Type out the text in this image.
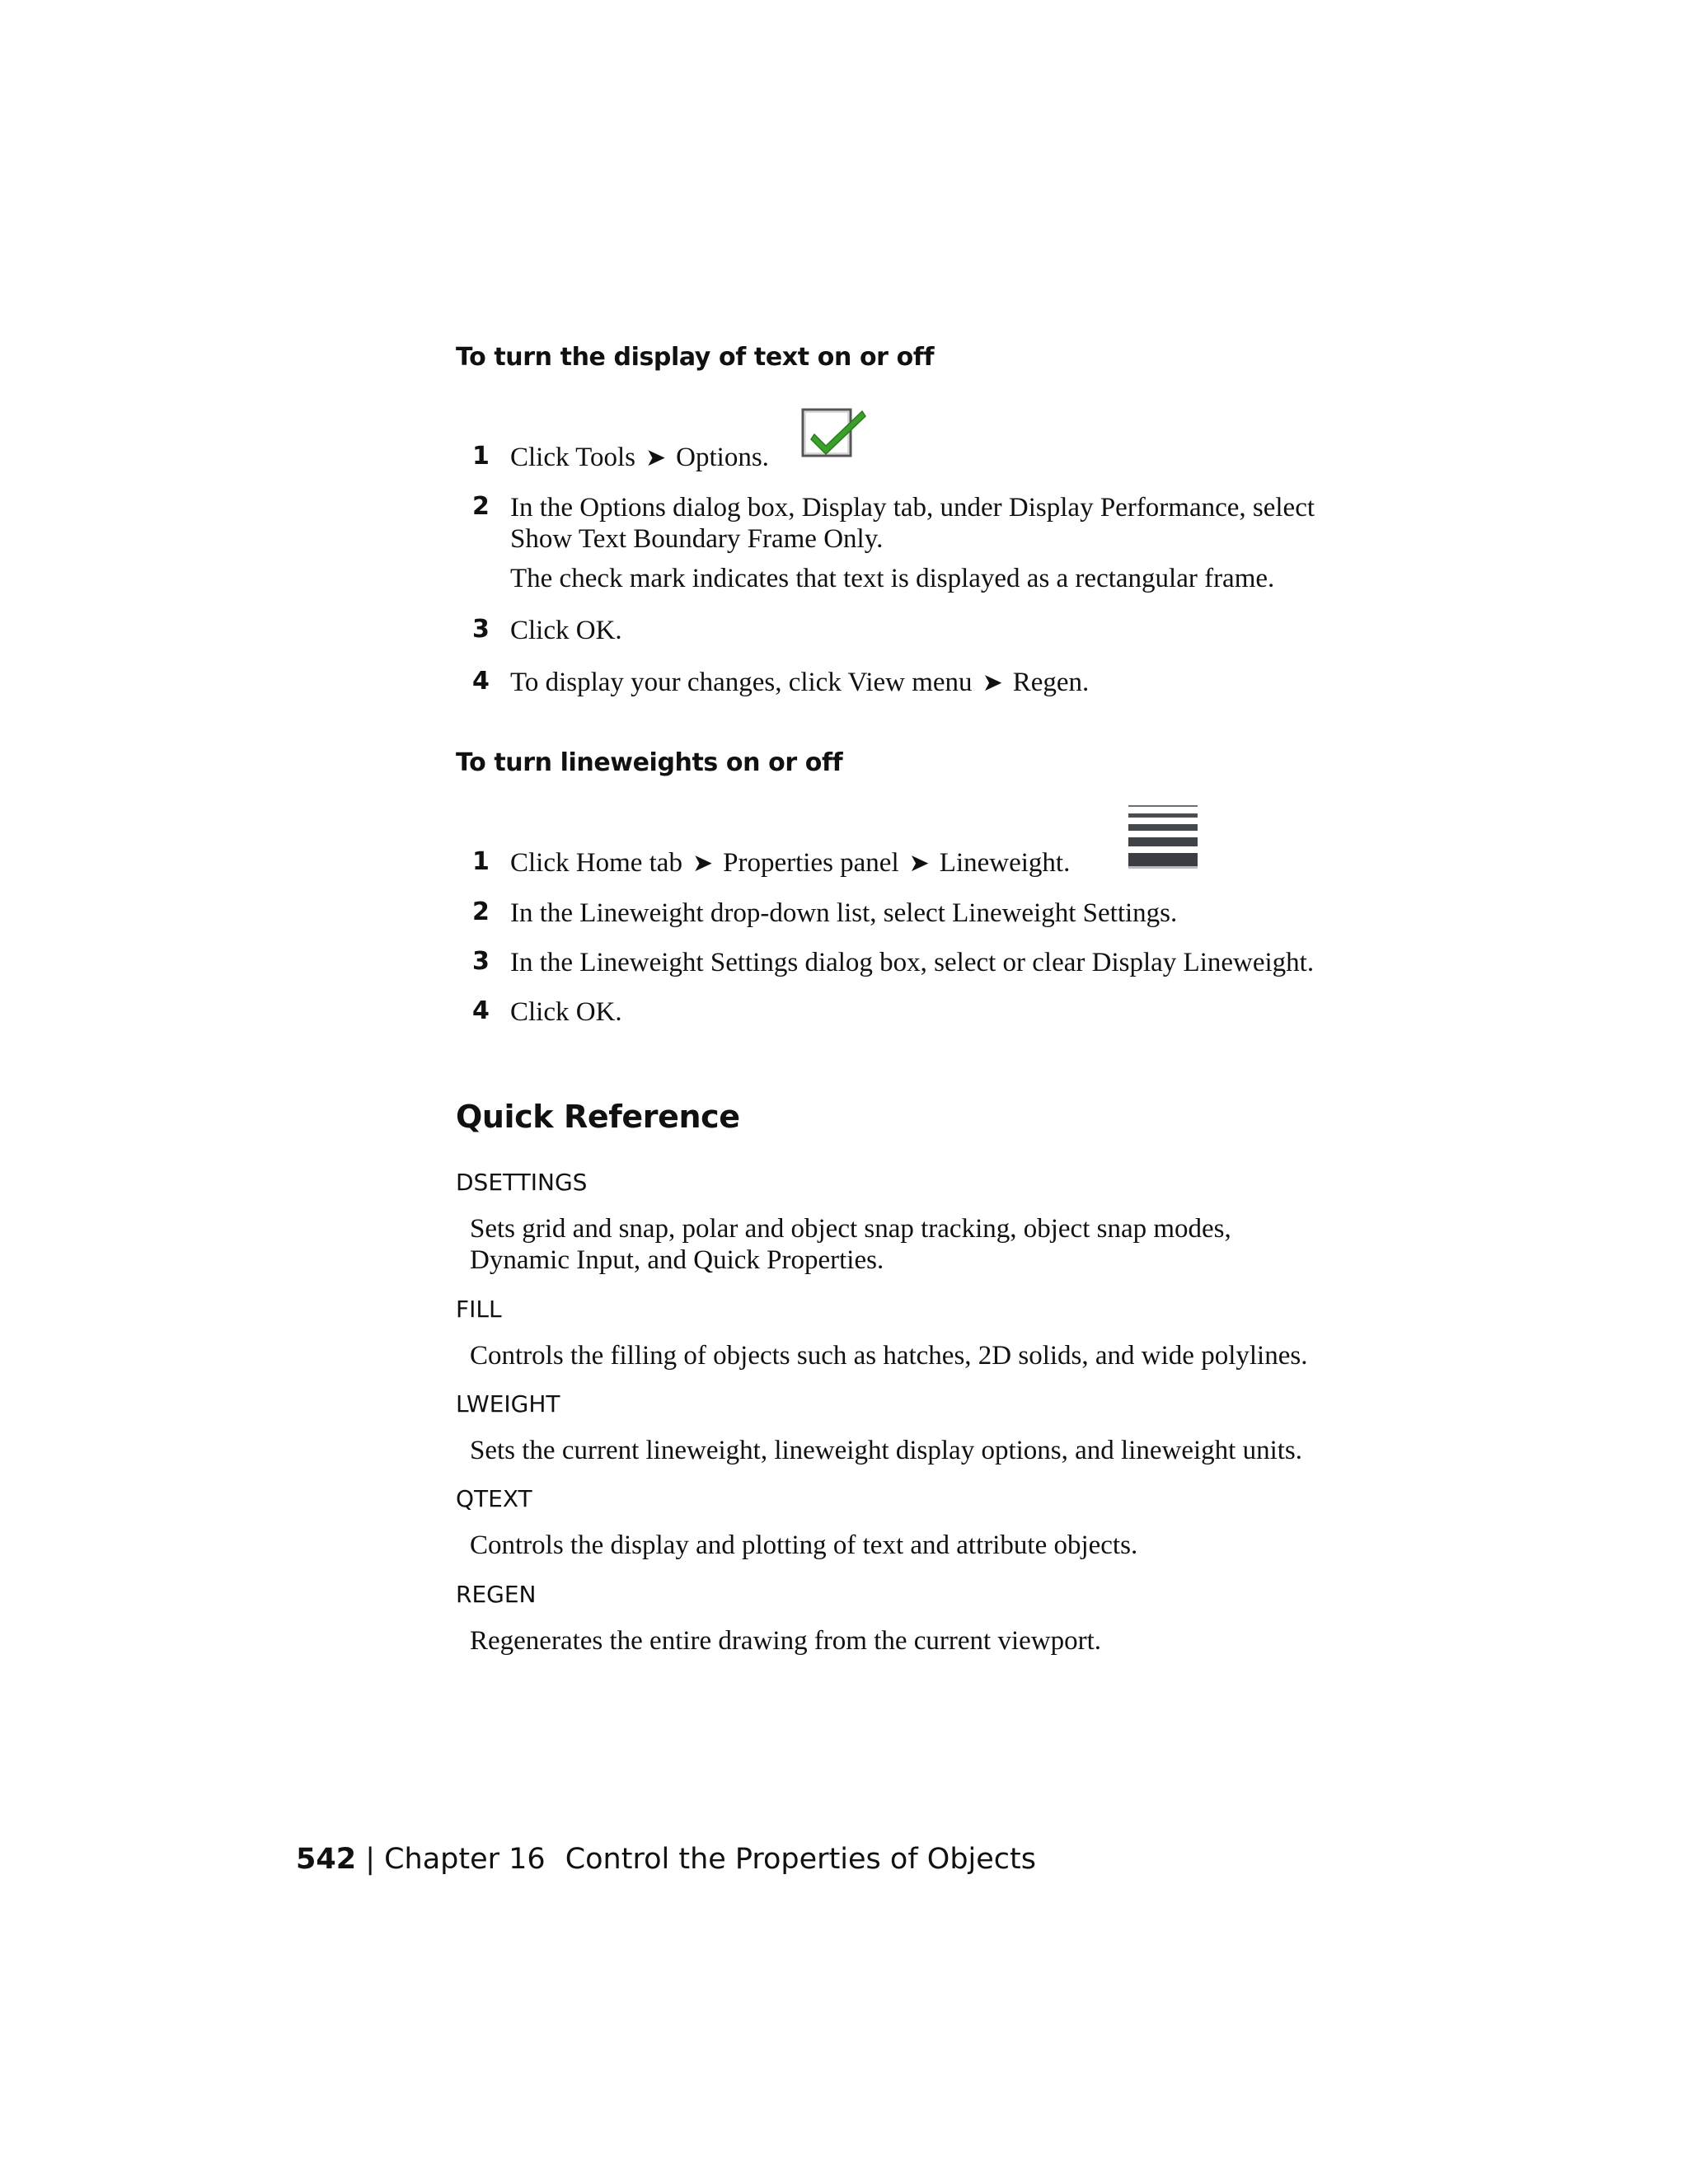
To turn the display of text on or off
1 Click Tools ➤ Options.
2 In the Options dialog box, Display tab, under Display Performance, select
Show Text Boundary Frame Only.
The check mark indicates that text is displayed as a rectangular frame.
3 Click OK.
4 To display your changes, click View menu ➤ Regen.
To turn lineweights on or off
1 Click Home tab ➤ Properties panel ➤ Lineweight.
2 In the Lineweight drop-down list, select Lineweight Settings.
3 In the Lineweight Settings dialog box, select or clear Display Lineweight.
4 Click OK.
Quick Reference
DSETTINGS
Sets grid and snap, polar and object snap tracking, object snap modes,
Dynamic Input, and Quick Properties.
FILL
Controls the filling of objects such as hatches, 2D solids, and wide polylines.
LWEIGHT
Sets the current lineweight, lineweight display options, and lineweight units.
QTEXT
Controls the display and plotting of text and attribute objects.
REGEN
Regenerates the entire drawing from the current viewport.
542 | Chapter 16 Control the Properties of Objects
